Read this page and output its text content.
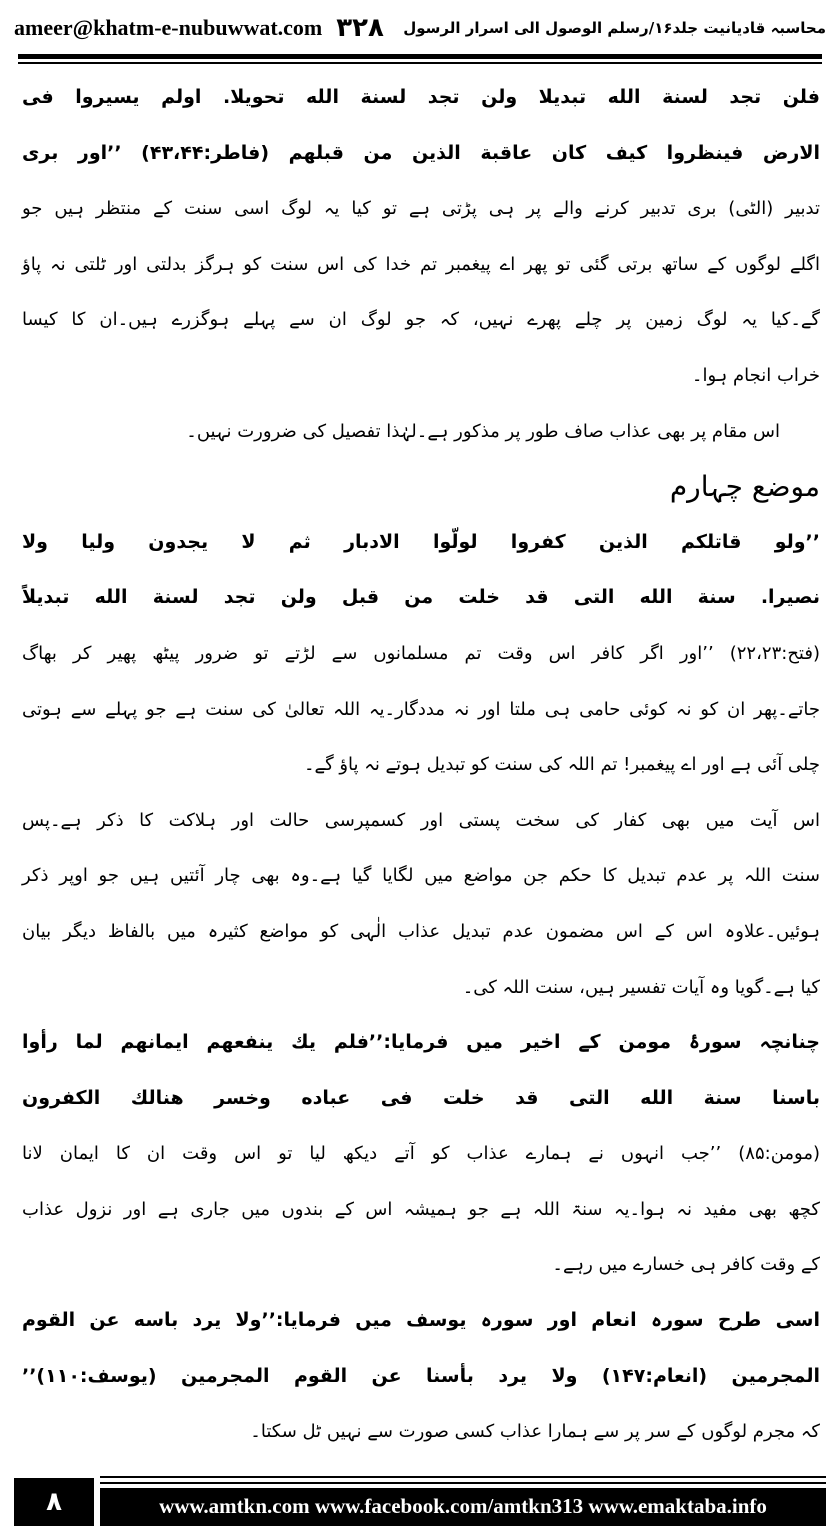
ameer@khatm-e-nubuwwat.com ۳۲۸ محاسبہ قادیانیت جلد۱۶/رسلم الوصول الی اسرار الرسول
فلن تجد لسنة الله تبديلا ولن تجد لسنة الله تحويلا. اولم يسيروا فى
الارض فينظروا كيف كان عاقبة الذين من قبلهم (فاطر:۴۳،۴۴) ’’اور بری
تدبیر (الٹی) بری تدبیر کرنے والے پر ہی پڑتی ہے تو کیا یہ لوگ اسی سنت کے منتظر ہیں جو
اگلے لوگوں کے ساتھ برتی گئی تو پھر اے پیغمبر تم خدا کی اس سنت کو ہرگز بدلتی اور ٹلتی نہ پاؤ
گے۔کیا یہ لوگ زمین پر چلے پھرے نہیں، کہ جو لوگ ان سے پہلے ہوگزرے ہیں۔ان کا کیسا
خراب انجام ہوا۔
اس مقام پر بھی عذاب صاف طور پر مذکور ہے۔لہٰذا تفصیل کی ضرورت نہیں۔
موضع چہارم
’’ولو قاتلكم الذين كفروا لولّوا الادبار ثم لا يجدون وليا ولا
نصيرا. سنة الله التى قد خلت من قبل ولن تجد لسنة الله تبديلاً
(فتح:۲۲،۲۳) ’’اور اگر کافر اس وقت تم مسلمانوں سے لڑتے تو ضرور پیٹھ پھیر کر بھاگ
جاتے۔پھر ان کو نہ کوئی حامی ہی ملتا اور نہ مددگار۔یہ اللہ تعالیٰ کی سنت ہے جو پہلے سے ہوتی
چلی آئی ہے اور اے پیغمبر! تم اللہ کی سنت کو تبدیل ہوتے نہ پاؤ گے۔
اس آیت میں بھی کفار کی سخت پستی اور کسمپرسی حالت اور ہلاکت کا ذکر ہے۔پس
سنت اللہ پر عدم تبدیل کا حکم جن مواضع میں لگایا گیا ہے۔وہ بھی چار آئتیں ہیں جو اوپر ذکر
ہوئیں۔علاوہ اس کے اس مضمون عدم تبدیل عذاب الٰہی کو مواضع کثیرہ میں بالفاظ دیگر بیان
کیا ہے۔گویا وہ آیات تفسیر ہیں، سنت اللہ کی۔
چنانچہ سورۂ مومن کے اخیر میں فرمایا:’’فلم يك ينفعهم ايمانهم لما رأوا
باسنا سنة الله التى قد خلت فى عباده وخسر هنالك الكفرون
(مومن:۸۵) ’’جب انہوں نے ہمارے عذاب کو آتے دیکھ لیا تو اس وقت ان کا ایمان لانا
کچھ بھی مفید نہ ہوا۔یہ سنۃ اللہ ہے جو ہمیشہ اس کے بندوں میں جاری ہے اور نزول عذاب
کے وقت کافر ہی خسارے میں رہے۔
اسی طرح سورہ انعام اور سورہ یوسف میں فرمایا:’’ولا يرد باسه عن القوم
المجرمين (انعام:۱۴۷) ولا يرد بأسنا عن القوم المجرمين (يوسف:۱۱۰)’’
کہ مجرم لوگوں کے سر پر سے ہمارا عذاب کسی صورت سے نہیں ٹل سکتا۔
۸	www.amtkn.com www.facebook.com/amtkn313 www.emaktaba.info
